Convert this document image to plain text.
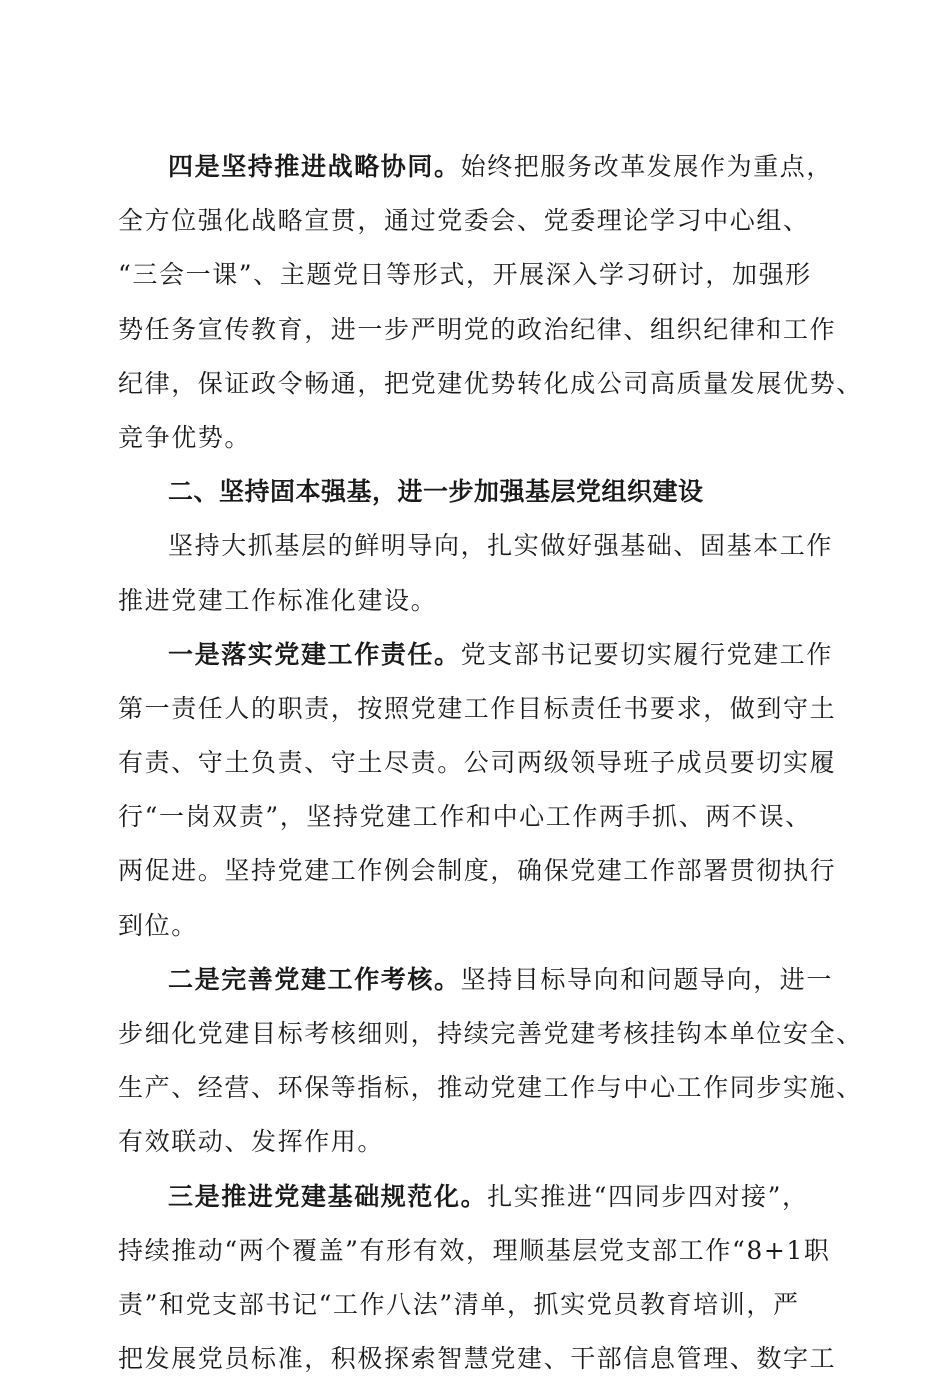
四是坚持推进战略协同。始终把服务改革发展作为重点，
全方位强化战略宣贯，通过党委会、党委理论学习中心组、
“三会一课”、主题党日等形式，开展深入学习研讨，加强形
势任务宣传教育，进一步严明党的政治纪律、组织纪律和工作
纪律，保证政令畅通，把党建优势转化成公司高质量发展优势、
竞争优势。
二、坚持固本强基，进一步加强基层党组织建设
坚持大抓基层的鲜明导向，扎实做好强基础、固基本工作
推进党建工作标准化建设。
一是落实党建工作责任。党支部书记要切实履行党建工作
第一责任人的职责，按照党建工作目标责任书要求，做到守土
有责、守土负责、守土尽责。公司两级领导班子成员要切实履
行“一岗双责”，坚持党建工作和中心工作两手抓、两不误、
两促进。坚持党建工作例会制度，确保党建工作部署贯彻执行
到位。
二是完善党建工作考核。坚持目标导向和问题导向，进一
步细化党建目标考核细则，持续完善党建考核挂钩本单位安全、
生产、经营、环保等指标，推动党建工作与中心工作同步实施、
有效联动、发挥作用。
三是推进党建基础规范化。扎实推进“四同步四对接”，
持续推动“两个覆盖”有形有效，理顺基层党支部工作“8+1职
责”和党支部书记“工作八法”清单，抓实党员教育培训，严
把发展党员标准，积极探索智慧党建、干部信息管理、数字工
